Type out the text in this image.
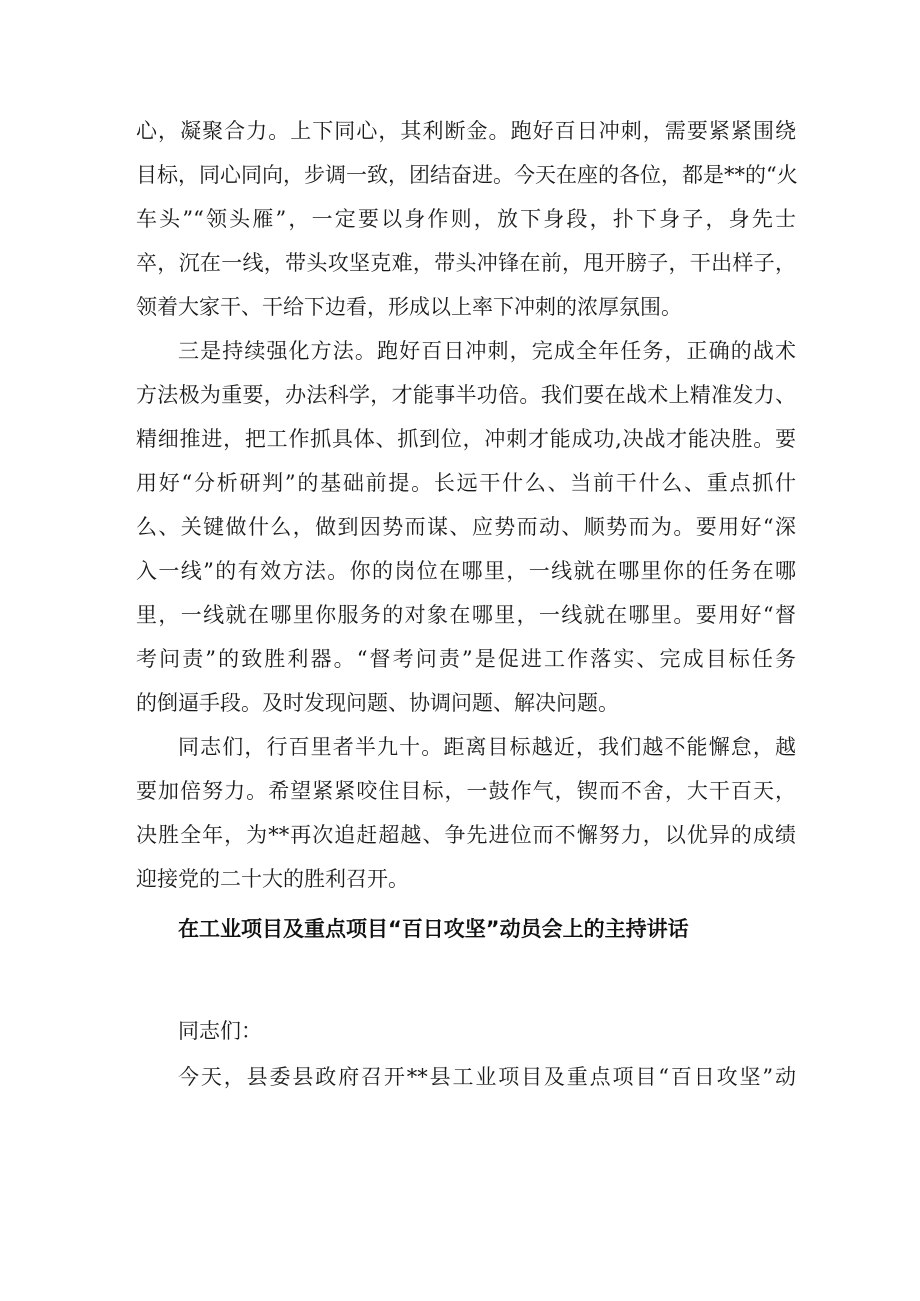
心，凝聚合力。上下同心，其利断金。跑好百日冲刺，需要紧紧围绕
目标，同心同向，步调一致，团结奋进。今天在座的各位，都是**的“火
车头”“领头雁”，一定要以身作则，放下身段，扑下身子，身先士
卒，沉在一线，带头攻坚克难，带头冲锋在前，甩开膀子，干出样子，
领着大家干、干给下边看，形成以上率下冲刺的浓厚氛围。
三是持续强化方法。跑好百日冲刺，完成全年任务，正确的战术
方法极为重要，办法科学，才能事半功倍。我们要在战术上精准发力、
精细推进，把工作抓具体、抓到位，冲刺才能成功,决战才能决胜。要
用好“分析研判”的基础前提。长远干什么、当前干什么、重点抓什
么、关键做什么，做到因势而谋、应势而动、顺势而为。要用好“深
入一线”的有效方法。你的岗位在哪里，一线就在哪里你的任务在哪
里，一线就在哪里你服务的对象在哪里，一线就在哪里。要用好“督
考问责”的致胜利器。“督考问责”是促进工作落实、完成目标任务
的倒逼手段。及时发现问题、协调问题、解决问题。
同志们，行百里者半九十。距离目标越近，我们越不能懈怠，越
要加倍努力。希望紧紧咬住目标，一鼓作气，锲而不舍，大干百天，
决胜全年，为**再次追赶超越、争先进位而不懈努力，以优异的成绩
迎接党的二十大的胜利召开。
在工业项目及重点项目“百日攻坚”动员会上的主持讲话
同志们：
今天，县委县政府召开**县工业项目及重点项目“百日攻坚”动
